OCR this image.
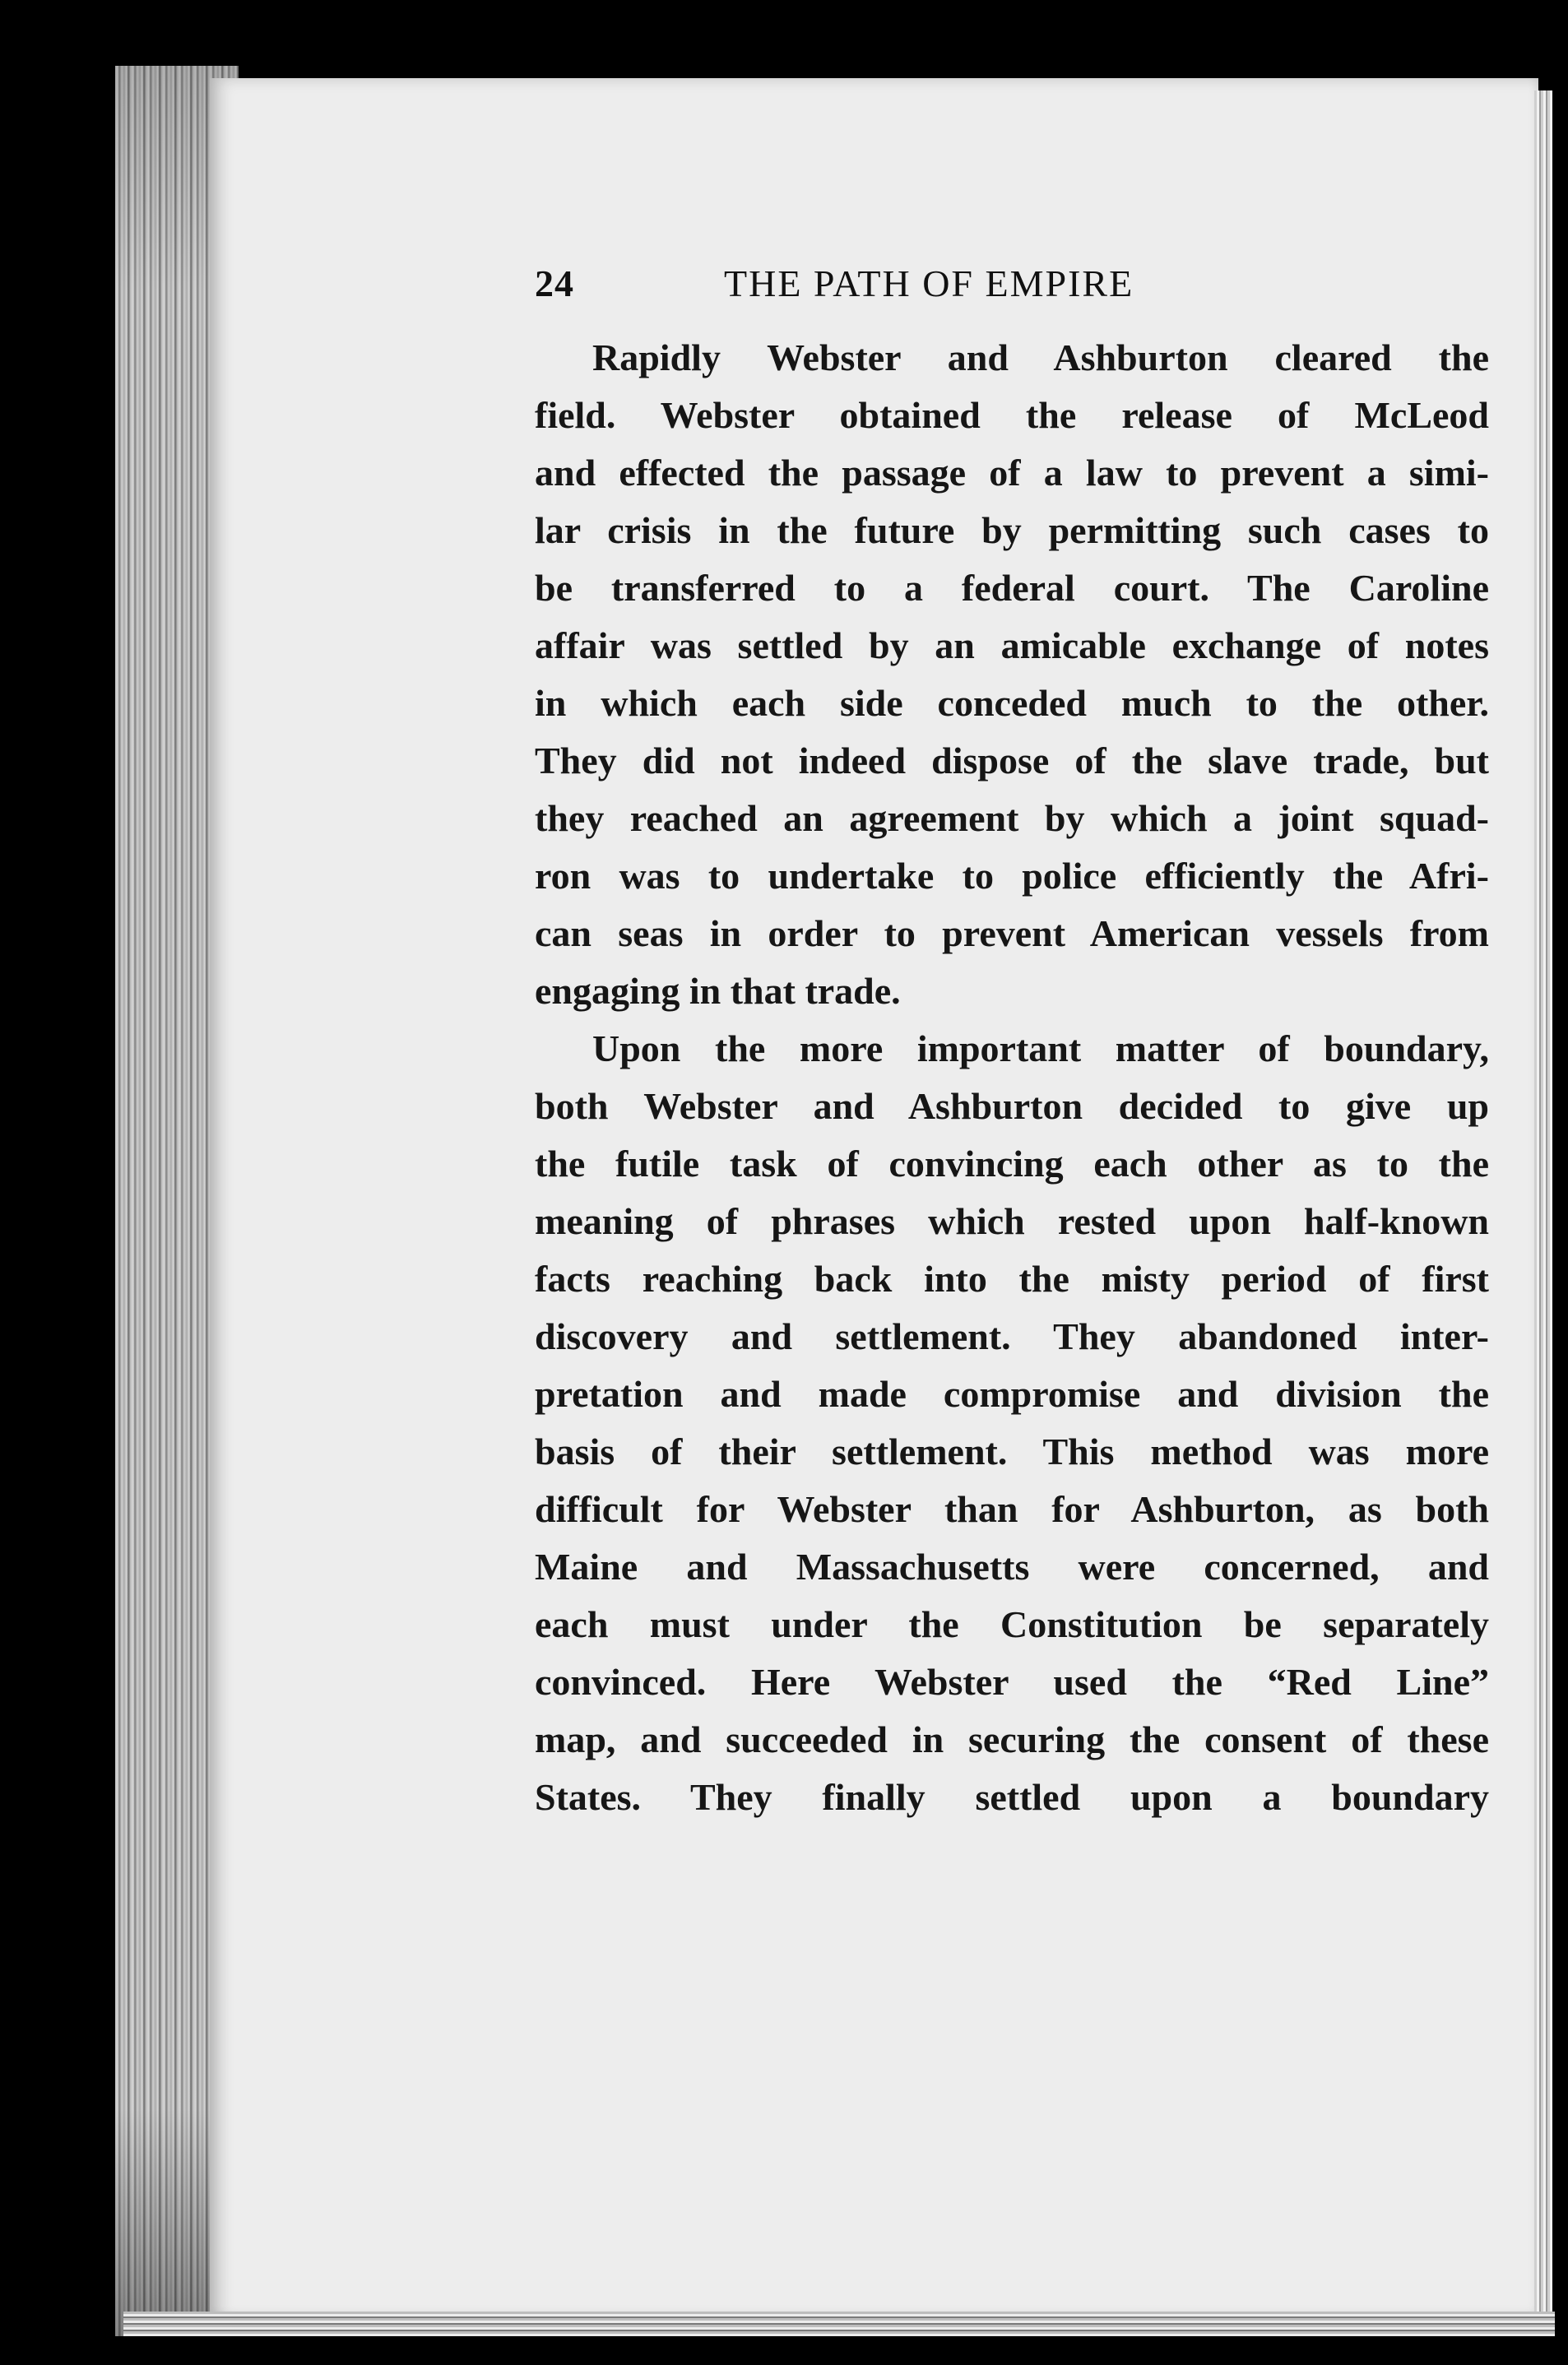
24	THE PATH OF EMPIRE
Rapidly Webster and Ashburton cleared the
field. Webster obtained the release of McLeod
and effected the passage of a law to prevent a simi-
lar crisis in the future by permitting such cases to
be transferred to a federal court. The Caroline
affair was settled by an amicable exchange of notes
in which each side conceded much to the other.
They did not indeed dispose of the slave trade, but
they reached an agreement by which a joint squad-
ron was to undertake to police efficiently the Afri-
can seas in order to prevent American vessels from
engaging in that trade.
Upon the more important matter of boundary,
both Webster and Ashburton decided to give up
the futile task of convincing each other as to the
meaning of phrases which rested upon half-known
facts reaching back into the misty period of first
discovery and settlement. They abandoned inter-
pretation and made compromise and division the
basis of their settlement. This method was more
difficult for Webster than for Ashburton, as both
Maine and Massachusetts were concerned, and
each must under the Constitution be separately
convinced. Here Webster used the “Red Line”
map, and succeeded in securing the consent of these
States. They finally settled upon a boundary
